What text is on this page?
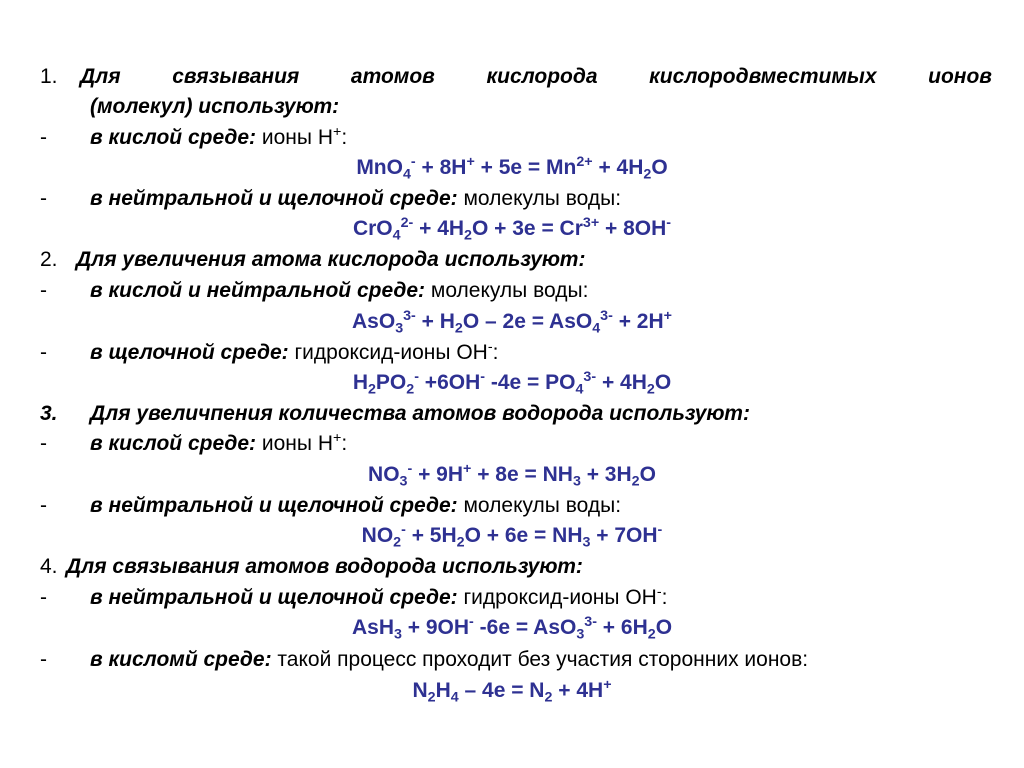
1. Для связывания атомов кислорода кислородвместимых ионов
(молекул) используют:
- в кислой среде: ионы Н+:
$MnO_4^- + 8H^+ + 5e = Mn^{2+} + 4H_2O$
- в нейтральной и щелочной среде: молекулы воды:
$CrO_4^{2-} + 4H_2O + 3e = Cr^{3+} + 8OH^-$
2. Для увеличения атома кислорода используют:
- в кислой и нейтральной среде: молекулы воды:
$AsO_3^{3-} + H_2O - 2e = AsO_4^{3-} + 2H^+$
- в щелочной среде: гидроксид-ионы ОН-:
$H_2PO_2^- +6OH^-$ $-4e = PO_4^{3-} + 4H_2O$
3. Для увеличпения количества атомов водорода используют:
- в кислой среде: ионы Н+:
$NO_3^- + 9H^+ + 8e = NH_3 + 3H_2O$
- в нейтральной и щелочной среде: молекулы воды:
$NO_2^- + 5H_2O + 6e = NH_3 + 7OH^-$
4. Для связывания атомов водорода используют:
- в нейтральной и щелочной среде: гидроксид-ионы ОН-:
AsH$_3$ + 9OH- $-6e = AsO_3^{3-} + 6H_2O$
- в кисломй среде: такой процесс проходит без участия сторонних ионов:
$N_2H_4 - 4e = N_2 + 4H^+$
